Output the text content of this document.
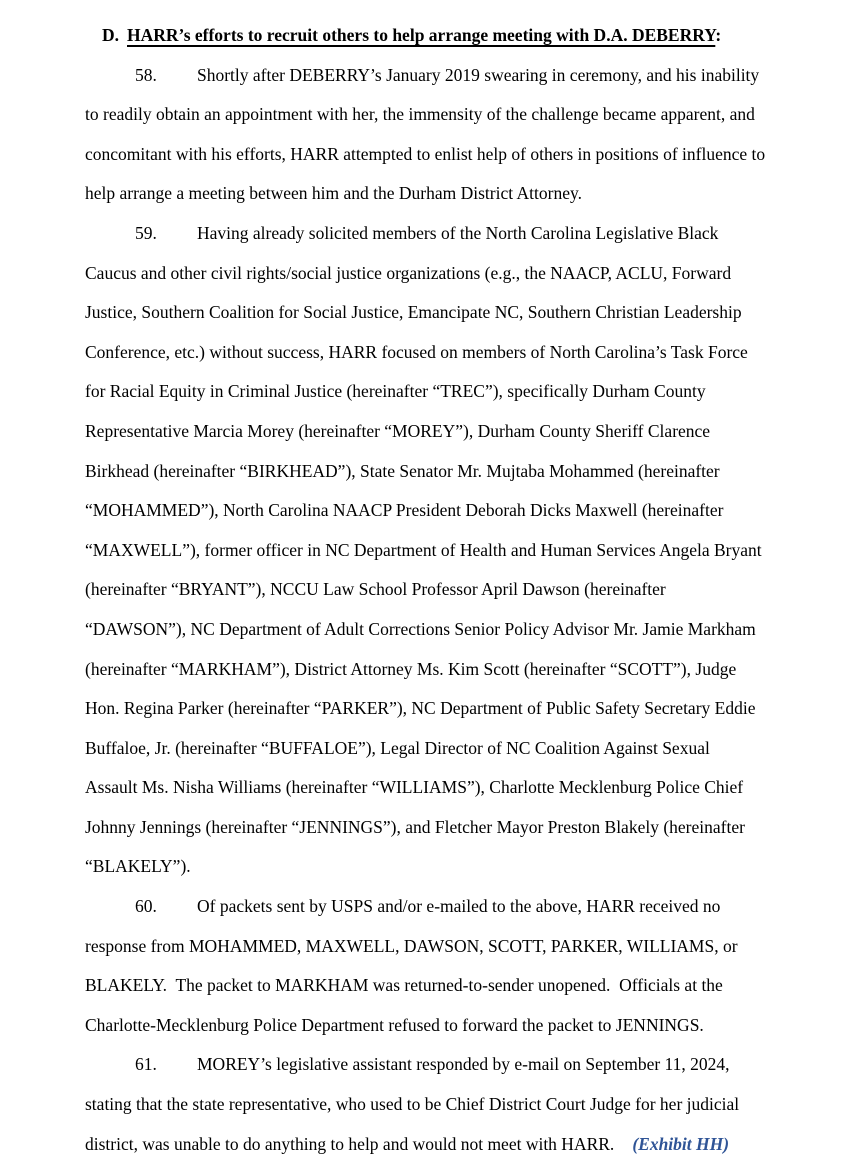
D. HARR’s efforts to recruit others to help arrange meeting with D.A. DEBERRY:
58. Shortly after DEBERRY’s January 2019 swearing in ceremony, and his inability
to readily obtain an appointment with her, the immensity of the challenge became apparent, and
concomitant with his efforts, HARR attempted to enlist help of others in positions of influence to
help arrange a meeting between him and the Durham District Attorney.
59. Having already solicited members of the North Carolina Legislative Black
Caucus and other civil rights/social justice organizations (e.g., the NAACP, ACLU, Forward
Justice, Southern Coalition for Social Justice, Emancipate NC, Southern Christian Leadership
Conference, etc.) without success, HARR focused on members of North Carolina’s Task Force
for Racial Equity in Criminal Justice (hereinafter “TREC”), specifically Durham County
Representative Marcia Morey (hereinafter “MOREY”), Durham County Sheriff Clarence
Birkhead (hereinafter “BIRKHEAD”), State Senator Mr. Mujtaba Mohammed (hereinafter
“MOHAMMED”), North Carolina NAACP President Deborah Dicks Maxwell (hereinafter
“MAXWELL”), former officer in NC Department of Health and Human Services Angela Bryant
(hereinafter “BRYANT”), NCCU Law School Professor April Dawson (hereinafter
“DAWSON”), NC Department of Adult Corrections Senior Policy Advisor Mr. Jamie Markham
(hereinafter “MARKHAM”), District Attorney Ms. Kim Scott (hereinafter “SCOTT”), Judge
Hon. Regina Parker (hereinafter “PARKER”), NC Department of Public Safety Secretary Eddie
Buffaloe, Jr. (hereinafter “BUFFALOE”), Legal Director of NC Coalition Against Sexual
Assault Ms. Nisha Williams (hereinafter “WILLIAMS”), Charlotte Mecklenburg Police Chief
Johnny Jennings (hereinafter “JENNINGS”), and Fletcher Mayor Preston Blakely (hereinafter
“BLAKELY”).
60. Of packets sent by USPS and/or e-mailed to the above, HARR received no
response from MOHAMMED, MAXWELL, DAWSON, SCOTT, PARKER, WILLIAMS, or
BLAKELY.  The packet to MARKHAM was returned-to-sender unopened.  Officials at the
Charlotte-Mecklenburg Police Department refused to forward the packet to JENNINGS.
61. MOREY’s legislative assistant responded by e-mail on September 11, 2024,
stating that the state representative, who used to be Chief District Court Judge for her judicial
district, was unable to do anything to help and would not meet with HARR. (Exhibit HH)
